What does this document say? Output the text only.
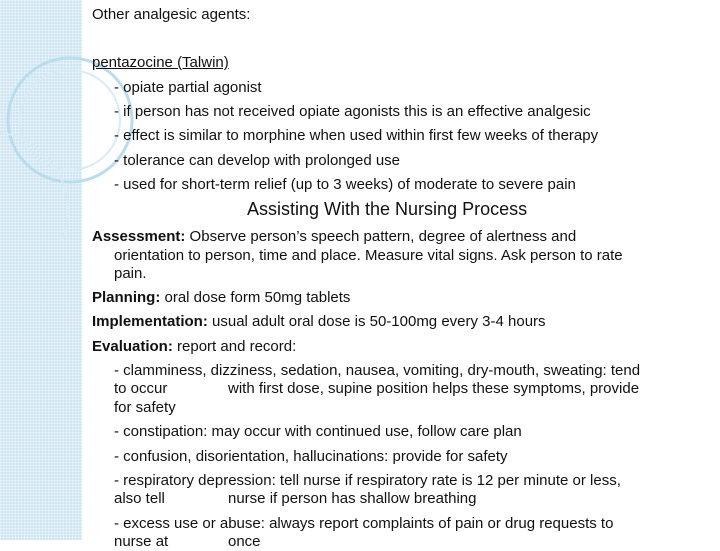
Other analgesic agents:
pentazocine (Talwin)
- opiate partial agonist
- if person has not received opiate agonists this is an effective analgesic
- effect is similar to morphine when used within first few weeks of therapy
- tolerance can develop with prolonged use
- used for short-term relief (up to 3 weeks) of moderate to severe pain
Assisting With the Nursing Process
Assessment: Observe person’s speech pattern, degree of alertness and
orientation to person, time and place. Measure vital signs. Ask person to rate
pain.
Planning: oral dose form 50mg tablets
Implementation: usual adult oral dose is 50-100mg every 3-4 hours
Evaluation: report and record:
- clamminess, dizziness, sedation, nausea, vomiting, dry-mouth, sweating: tend
to occur	with first dose, supine position helps these symptoms, provide
for safety
- constipation: may occur with continued use, follow care plan
- confusion, disorientation, hallucinations: provide for safety
- respiratory depression: tell nurse if respiratory rate is 12 per minute or less,
also tell	nurse if person has shallow breathing
- excess use or abuse: always report complaints of pain or drug requests to
nurse at	once
